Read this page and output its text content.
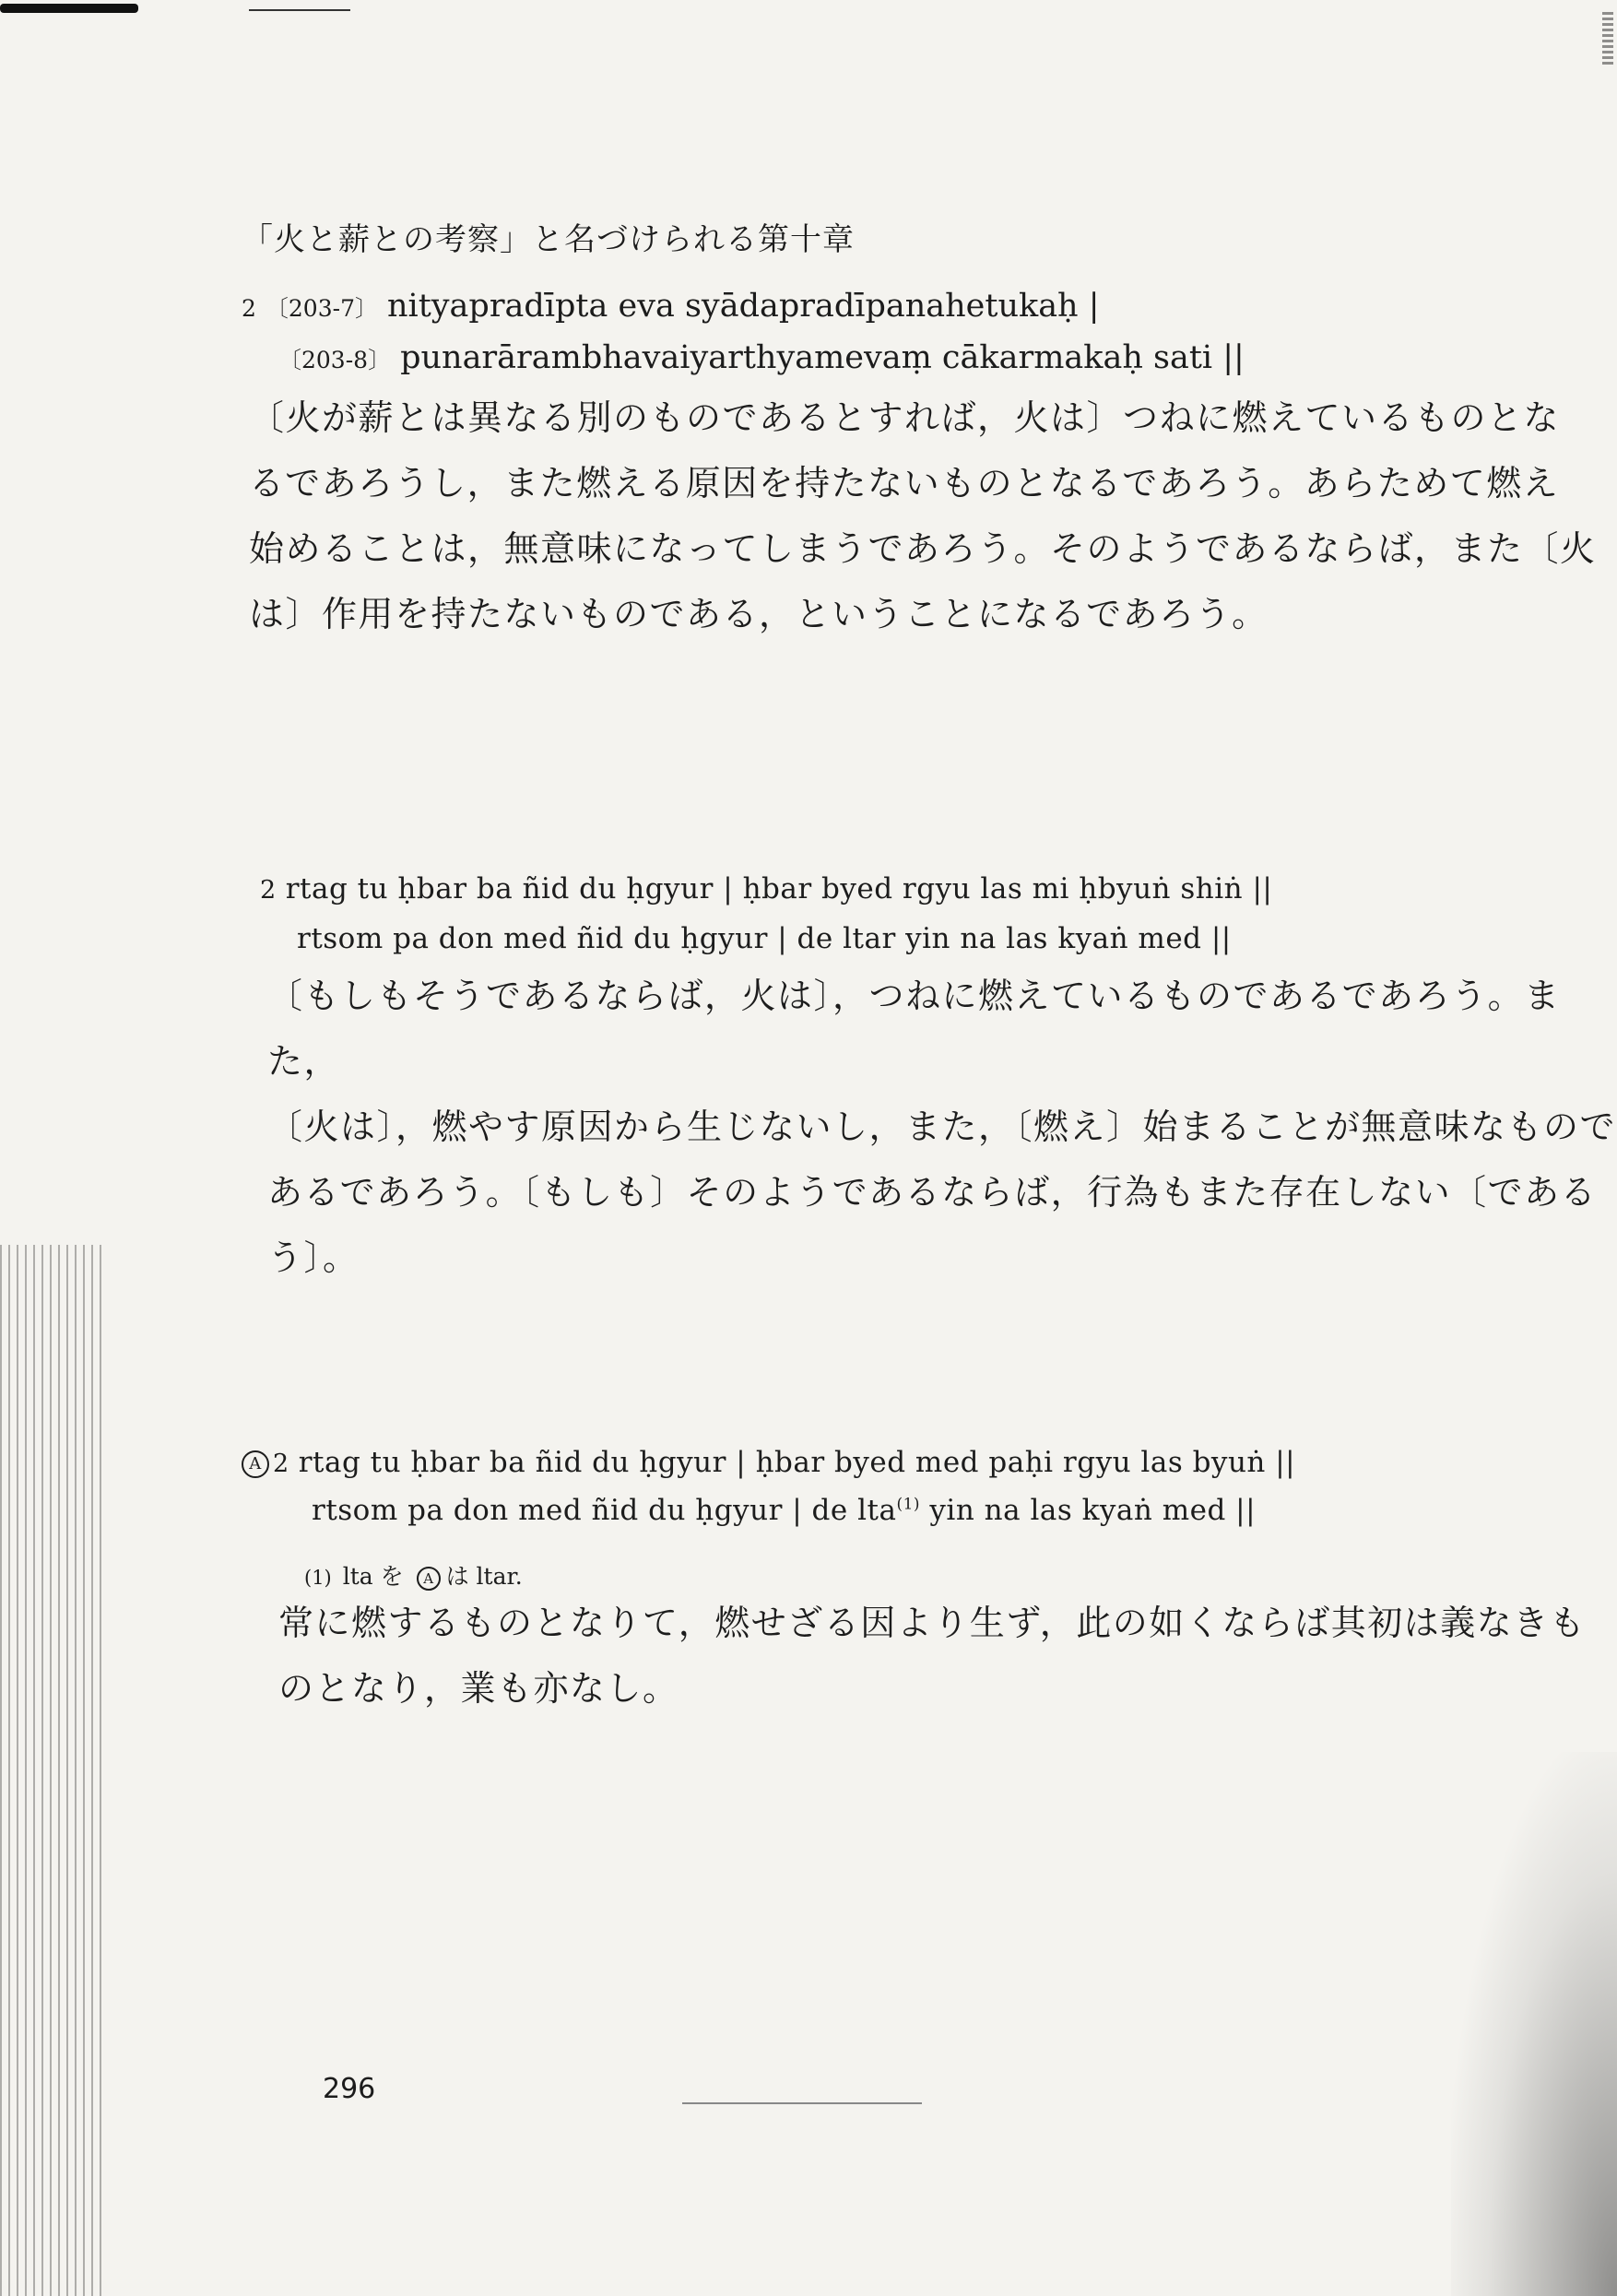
「火と薪との考察」と名づけられる第十章
2 〔203-7〕 nityapradīpta eva syādapradīpanahetukaḥ |
〔203-8〕 punarārambhavaiyarthyamevaṃ cākarmakaḥ sati ||
〔火が薪とは異なる別のものであるとすれば，火は〕つねに燃えているものとな
るであろうし，また燃える原因を持たないものとなるであろう。あらためて燃え
始めることは，無意味になってしまうであろう。そのようであるならば，また〔火
は〕作用を持たないものである，ということになるであろう。
2 rtag tu ḥbar ba ñid du ḥgyur | ḥbar byed rgyu las mi ḥbyuṅ shiṅ ||
rtsom pa don med ñid du ḥgyur | de ltar yin na las kyaṅ med ||
〔もしもそうであるならば，火は〕，つねに燃えているものであるであろう。また，
〔火は〕，燃やす原因から生じないし，また，〔燃え〕始まることが無意味なもので
あるであろう。〔もしも〕そのようであるならば，行為もまた存在しない〔である
う〕。
A 2 rtag tu ḥbar ba ñid du ḥgyur | ḥbar byed med paḥi rgyu las byuṅ ||
rtsom pa don med ñid du ḥgyur | de lta$^{(1)}$ yin na las kyaṅ med ||
(1) lta を A は ltar.
常に燃するものとなりて，燃せざる因より生ず，此の如くならば其初は義なきも
のとなり，業も亦なし。
296
